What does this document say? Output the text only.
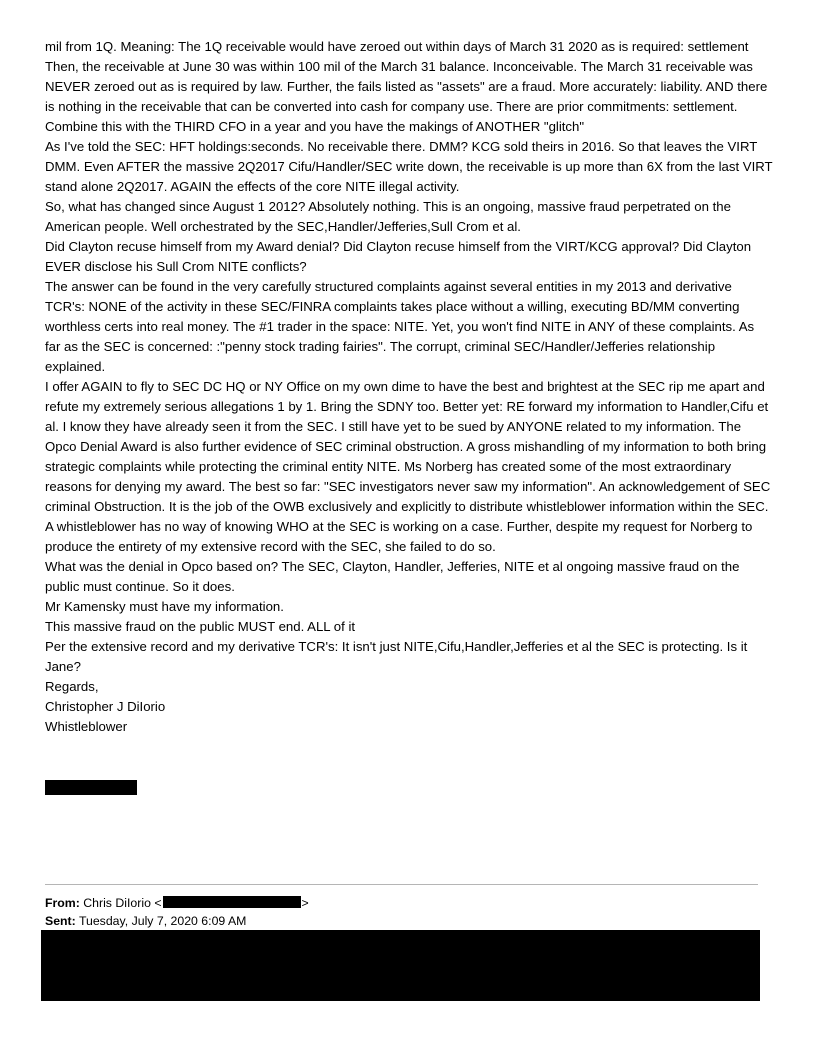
mil from 1Q. Meaning: The 1Q receivable would have zeroed out within days of March 31 2020 as is required: settlement Then, the receivable at June 30 was within 100 mil of the March 31 balance. Inconceivable. The March 31 receivable was NEVER zeroed out as is required by law. Further, the fails listed as "assets" are a fraud. More accurately: liability. AND there is nothing in the receivable that can be converted into cash for company use. There are prior commitments: settlement. Combine this with the THIRD CFO in a year and you have the makings of ANOTHER "glitch"

As I've told the SEC: HFT holdings:seconds. No receivable there. DMM? KCG sold theirs in 2016. So that leaves the VIRT DMM. Even AFTER the massive 2Q2017 Cifu/Handler/SEC write down, the receivable is up more than 6X from the last VIRT stand alone 2Q2017. AGAIN the effects of the core NITE illegal activity.

So, what has changed since August 1 2012? Absolutely nothing. This is an ongoing, massive fraud perpetrated on the American people. Well orchestrated by the SEC,Handler/Jefferies,Sull Crom et al.

Did Clayton recuse himself from my Award denial? Did Clayton recuse himself from the VIRT/KCG approval? Did Clayton EVER disclose his Sull Crom NITE conflicts?

The answer can be found in the very carefully structured complaints against several entities in my 2013 and derivative TCR's: NONE of the activity in these SEC/FINRA complaints takes place without a willing, executing BD/MM converting worthless certs into real money. The #1 trader in the space: NITE. Yet, you won't find NITE in ANY of these complaints. As far as the SEC is concerned: :"penny stock trading fairies". The corrupt, criminal SEC/Handler/Jefferies relationship explained.

I offer AGAIN to fly to SEC DC HQ or NY Office on my own dime to have the best and brightest at the SEC rip me apart and refute my extremely serious allegations 1 by 1. Bring the SDNY too. Better yet: RE forward my information to Handler,Cifu et al. I know they have already seen it from the SEC. I still have yet to be sued by ANYONE related to my information. The Opco Denial Award is also further evidence of SEC criminal obstruction. A gross mishandling of my information to both bring strategic complaints while protecting the criminal entity NITE. Ms Norberg has created some of the most extraordinary reasons for denying my award. The best so far: "SEC investigators never saw my information". An acknowledgement of SEC criminal Obstruction. It is the job of the OWB exclusively and explicitly to distribute whistleblower information within the SEC. A whistleblower has no way of knowing WHO at the SEC is working on a case. Further, despite my request for Norberg to produce the entirety of my extensive record with the SEC, she failed to do so.

What was the denial in Opco based on? The SEC, Clayton, Handler, Jefferies, NITE et al ongoing massive fraud on the public must continue. So it does.

Mr Kamensky must have my information.

This massive fraud on the public MUST end. ALL of it

Per the extensive record and my derivative TCR's: It isn't just NITE,Cifu,Handler,Jefferies et al the SEC is protecting. Is it Jane?

Regards,

Christopher J DiIorio

Whistleblower

From: Chris DiIorio <	>
Sent: Tuesday, July 7, 2020 6:09 AM
